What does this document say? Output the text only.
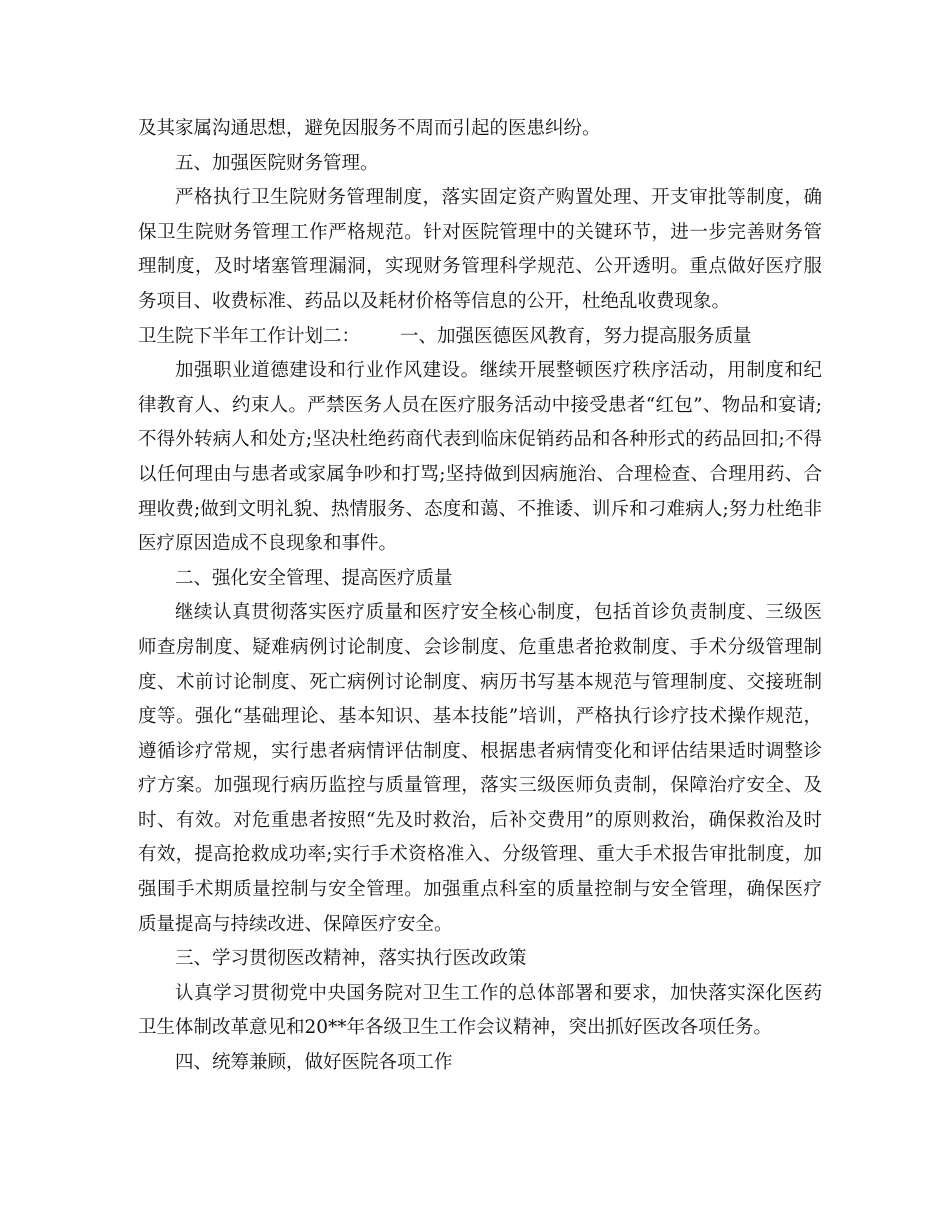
及其家属沟通思想，避免因服务不周而引起的医患纠纷。

五、加强医院财务管理。

严格执行卫生院财务管理制度，落实固定资产购置处理、开支审批等制度，确保卫生院财务管理工作严格规范。针对医院管理中的关键环节，进一步完善财务管理制度，及时堵塞管理漏洞，实现财务管理科学规范、公开透明。重点做好医疗服务项目、收费标准、药品以及耗材价格等信息的公开，杜绝乱收费现象。

卫生院下半年工作计划二： 一、加强医德医风教育，努力提高服务质量

加强职业道德建设和行业作风建设。继续开展整顿医疗秩序活动，用制度和纪律教育人、约束人。严禁医务人员在医疗服务活动中接受患者“红包”、物品和宴请;不得外转病人和处方;坚决杜绝药商代表到临床促销药品和各种形式的药品回扣;不得以任何理由与患者或家属争吵和打骂;坚持做到因病施治、合理检查、合理用药、合理收费;做到文明礼貌、热情服务、态度和蔼、不推诿、训斥和刁难病人;努力杜绝非医疗原因造成不良现象和事件。

二、强化安全管理、提高医疗质量

继续认真贯彻落实医疗质量和医疗安全核心制度，包括首诊负责制度、三级医师查房制度、疑难病例讨论制度、会诊制度、危重患者抢救制度、手术分级管理制度、术前讨论制度、死亡病例讨论制度、病历书写基本规范与管理制度、交接班制度等。强化“基础理论、基本知识、基本技能”培训，严格执行诊疗技术操作规范，遵循诊疗常规，实行患者病情评估制度、根据患者病情变化和评估结果适时调整诊疗方案。加强现行病历监控与质量管理，落实三级医师负责制，保障治疗安全、及时、有效。对危重患者按照“先及时救治，后补交费用”的原则救治，确保救治及时有效，提高抢救成功率;实行手术资格准入、分级管理、重大手术报告审批制度，加强围手术期质量控制与安全管理。加强重点科室的质量控制与安全管理，确保医疗质量提高与持续改进、保障医疗安全。

三、学习贯彻医改精神，落实执行医改政策

认真学习贯彻党中央国务院对卫生工作的总体部署和要求，加快落实深化医药卫生体制改革意见和20**年各级卫生工作会议精神，突出抓好医改各项任务。

四、统筹兼顾，做好医院各项工作
